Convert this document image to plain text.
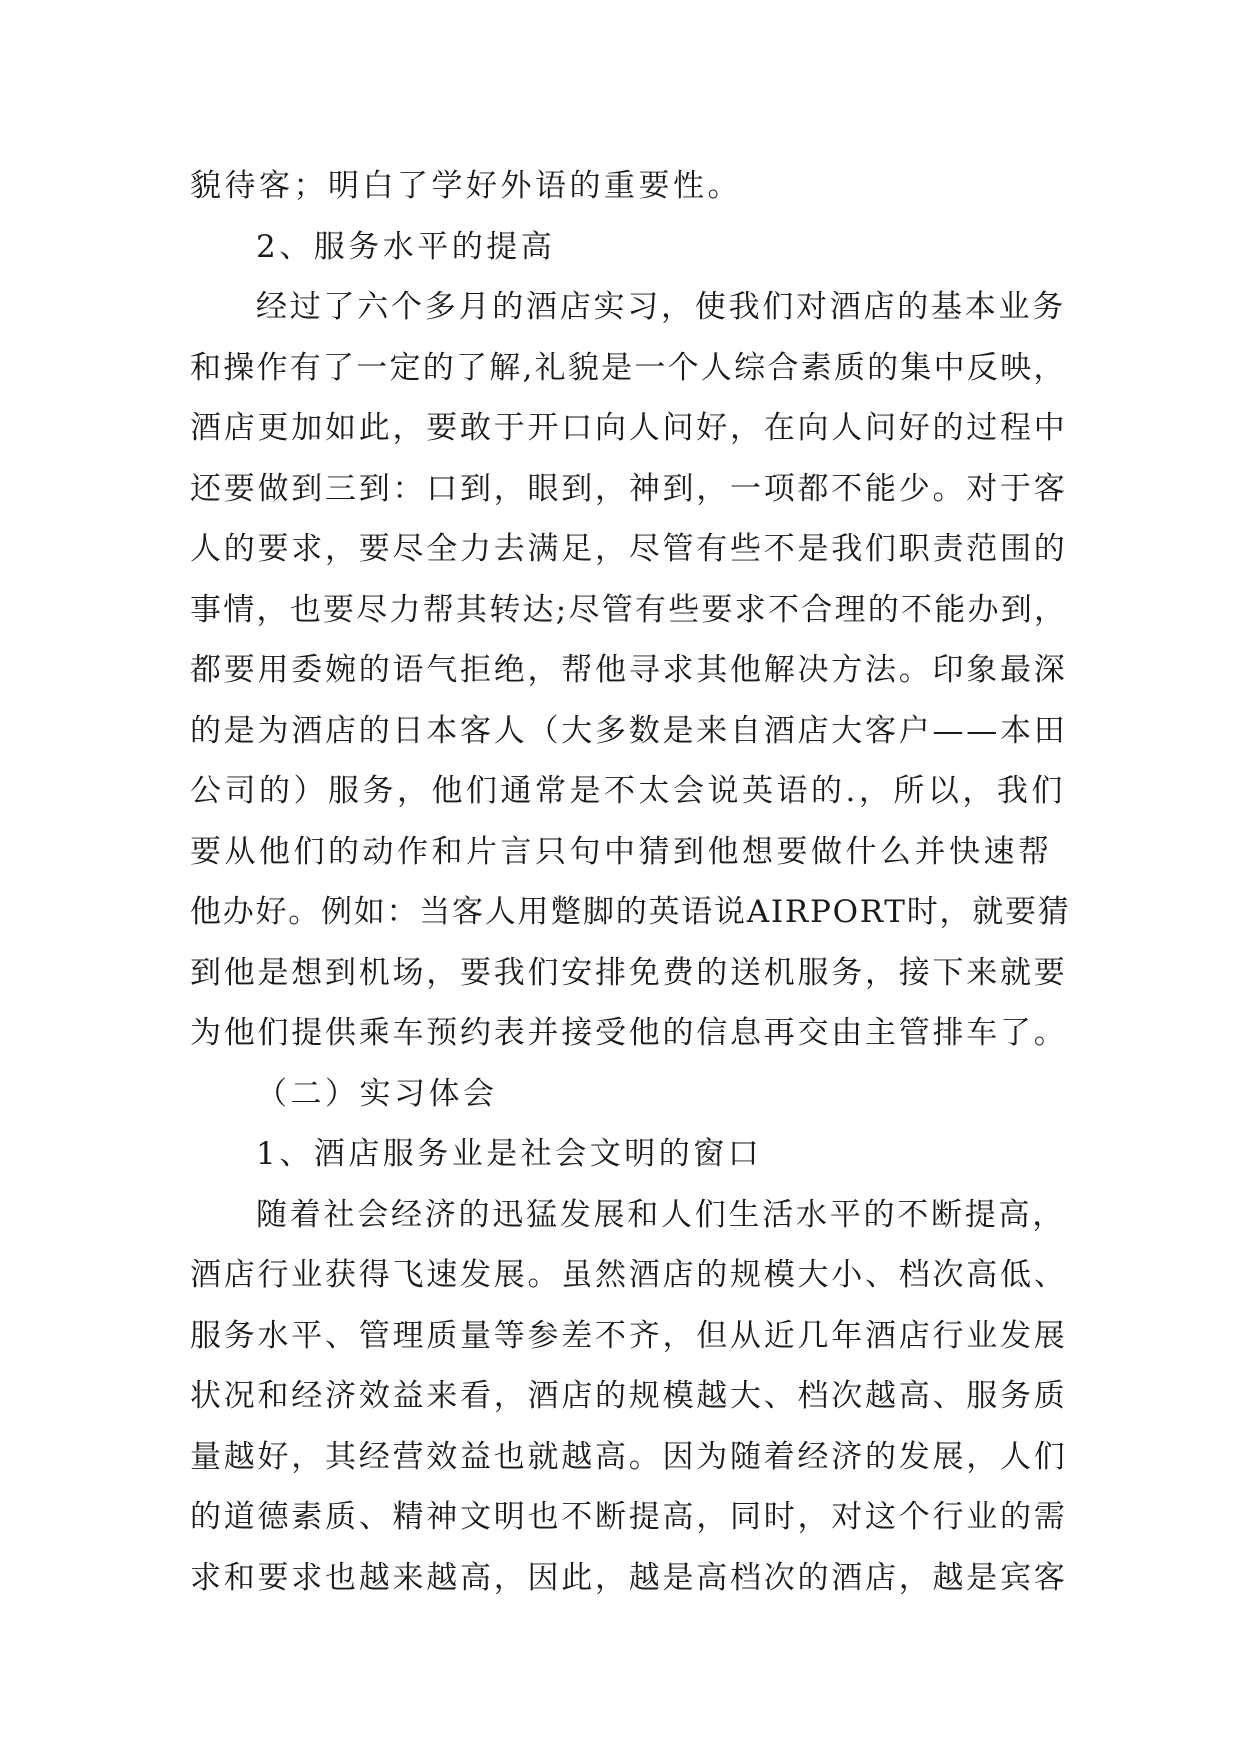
貌待客；明白了学好外语的重要性。
2、服务水平的提高
经过了六个多月的酒店实习，使我们对酒店的基本业务
和操作有了一定的了解,礼貌是一个人综合素质的集中反映，
酒店更加如此，要敢于开口向人问好，在向人问好的过程中
还要做到三到：口到，眼到，神到，一项都不能少。对于客
人的要求，要尽全力去满足，尽管有些不是我们职责范围的
事情，也要尽力帮其转达;尽管有些要求不合理的不能办到，
都要用委婉的语气拒绝，帮他寻求其他解决方法。印象最深
的是为酒店的日本客人（大多数是来自酒店大客户——本田
公司的）服务，他们通常是不太会说英语的.，所以，我们
要从他们的动作和片言只句中猜到他想要做什么并快速帮
他办好。例如：当客人用蹩脚的英语说AIRPORT时，就要猜
到他是想到机场，要我们安排免费的送机服务，接下来就要
为他们提供乘车预约表并接受他的信息再交由主管排车了。
（二）实习体会
1、酒店服务业是社会文明的窗口
随着社会经济的迅猛发展和人们生活水平的不断提高，
酒店行业获得飞速发展。虽然酒店的规模大小、档次高低、
服务水平、管理质量等参差不齐，但从近几年酒店行业发展
状况和经济效益来看，酒店的规模越大、档次越高、服务质
量越好，其经营效益也就越高。因为随着经济的发展，人们
的道德素质、精神文明也不断提高，同时，对这个行业的需
求和要求也越来越高，因此，越是高档次的酒店，越是宾客
